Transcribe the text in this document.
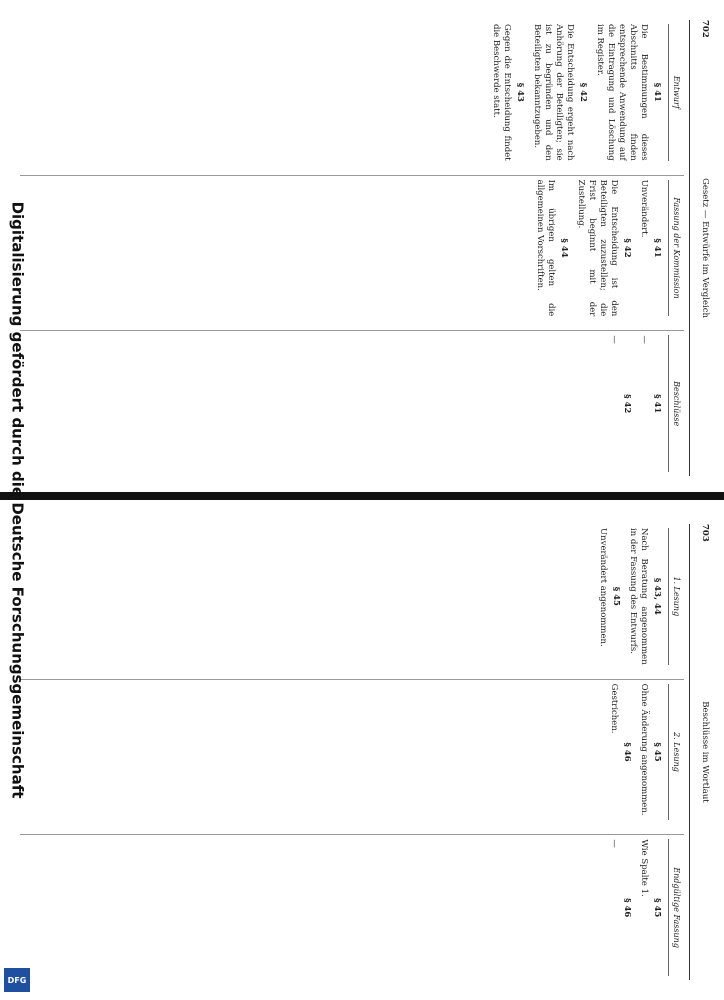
702
Gesetz — Entwürfe im Vergleich
Entwurf
§ 41

Die Bestimmungen dieses Abschnitts finden entsprechende Anwendung auf die Eintragung und Löschung im Register.

§ 42

Die Entscheidung ergeht nach Anhörung der Beteiligten; sie ist zu begründen und den Beteiligten bekanntzugeben.

§ 43

Gegen die Entscheidung findet die Beschwerde statt.

Fassung der Kommission
§ 41

Unverändert.

§ 42

Die Entscheidung ist den Beteiligten zuzustellen; die Frist beginnt mit der Zustellung.

§ 44

Im übrigen gelten die allgemeinen Vorschriften.

Beschlüsse
§ 41

—

§ 42

—

703
Beschlüsse im Wortlaut
1. Lesung
§ 43, 44

Nach Beratung angenommen in der Fassung des Entwurfs.

§ 45

Unverändert angenommen.

2. Lesung
§ 45

Ohne Änderung angenommen.

§ 46

Gestrichen.

Endgültige Fassung
§ 45

Wie Spalte 1.

§ 46

—

Digitalisierung gefördert durch die Deutsche Forschungsgemeinschaft
DFG
